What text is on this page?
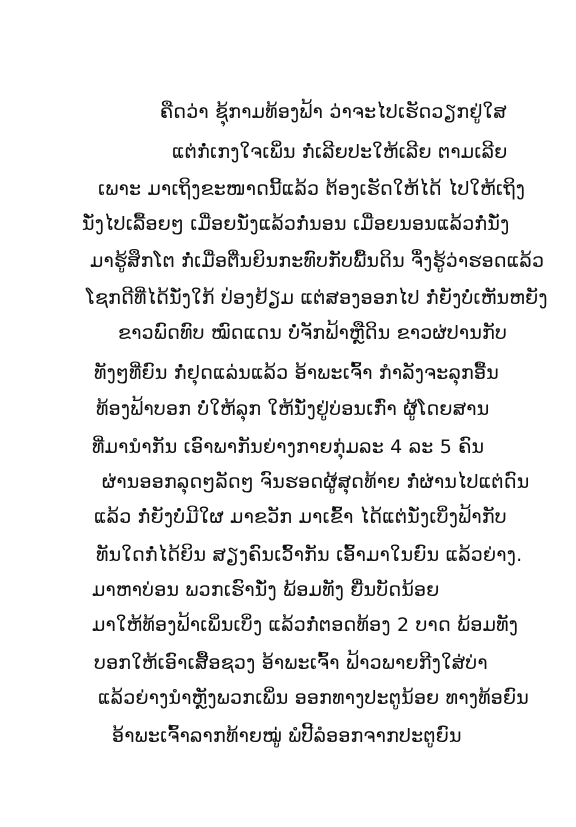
ຄືດວ່າ ຊຸ້ກາມທ້ອງຟ້າ ວ່າຈະໄປເຮັດວຽກຢູ່ໃສ
ແຕ່ກໍ່ເກງໃຈເພິ່ນ ກໍ່ເລີຍປະໃຫ້ເລີຍ ຕາມເລີຍ
ເພາະ ມາເຖິງຂະໜາດນີ້ແລ້ວ ຕ້ອງເຮັດໃຫ້ໄດ້ ໄປໃຫ້ເຖິງ
ນັ່ງໄປເລື້ອຍໆ ເມື່ອຍນັ່ງແລ້ວກໍ່ນອນ ເມື່ອຍນອນແລ້ວກໍ່ນັ່ງ
ມາຮູ້ສຶກໂຕ ກໍ່ເມື່ອຕື່ນຍິນກະທົບກັບພື້ນດິນ ຈຶ່ງຮູ້ວ່າຮອດແລ້ວ
ໂຊກດີທີ່ໄດ້ນັ່ງໃກ້ ປ່ອງຢ້ຽມ ແຕ່ສອງອອກໄປ ກໍ່ຍັງບໍ່ເຫັນຫຍັງ
ຂາວພົດທົບ ໝົດແດນ ບໍ່ຈັກຟ້າຫຼືດິນ ຂາວຜ່ປານກັບ
ທັງໆທີ່ຍົນ ກໍ່ຢຸດແລ່ນແລ້ວ ອ້າພະເຈົ້າ ກໍາລັງຈະລຸກອື້ນ
ທ້ອງຟ້າບອກ ບໍ່ໃຫ້ລຸກ ໃຫ້ນັ່ງຢູ່ບ່ອນເກົ່າ ຜູ້ໂດຍສານ
ທີ່ມານໍາກັນ ເອົາພາກັນຍ່າງກາຍກຸ່ມລະ 4 ລະ 5 ຄົນ
ຜ່ານອອກລຸດໆລັດໆ ຈົນຮອດຜູ້ສຸດທ້າຍ ກໍ່ຜ່ານໄປແຕ່ດົນ
ແລ້ວ ກໍ່ຍັງບໍ່ມີໃຜ ມາຂວັກ ມາເຂົ້າ ໄດ້ແຕ່ນັ່ງເບິ່ງຟ້າກັບ
ທັນໃດກໍ່ໄດ້ຍິນ ສຽງຄົນເວົ້າກັນ ເອົ້າມາໃນຍົນ ແລ້ວຍ່າງ.
ມາຫາບ່ອນ ພວກເຮົານັ່ງ ພ້ອມທັງ ຍື່ນບັດນ້ອຍ
ມາໃຫ້ທ້ອງຟ້າເພິ່ນເບິ່ງ ແລ້ວກໍ່ຕອດທ້ອງ 2 ບາດ ພ້ອມທັງ
ບອກໃຫ້ເອົາເສື້ອຊວງ ອ້າພະເຈົ້າ ຟ້າວພາຍກີງໃສ່ບ່າ
ແລ້ວຍ່າງນໍາຫຼັງພວກເພິ່ນ ອອກທາງປະຕູນ້ອຍ ທາງທ້ອຍົນ
ອ້າພະເຈົ້າລາກທ້າຍໝູ່ ພໍປີ້ລໍອອກຈາກປະຕູຍົນ
